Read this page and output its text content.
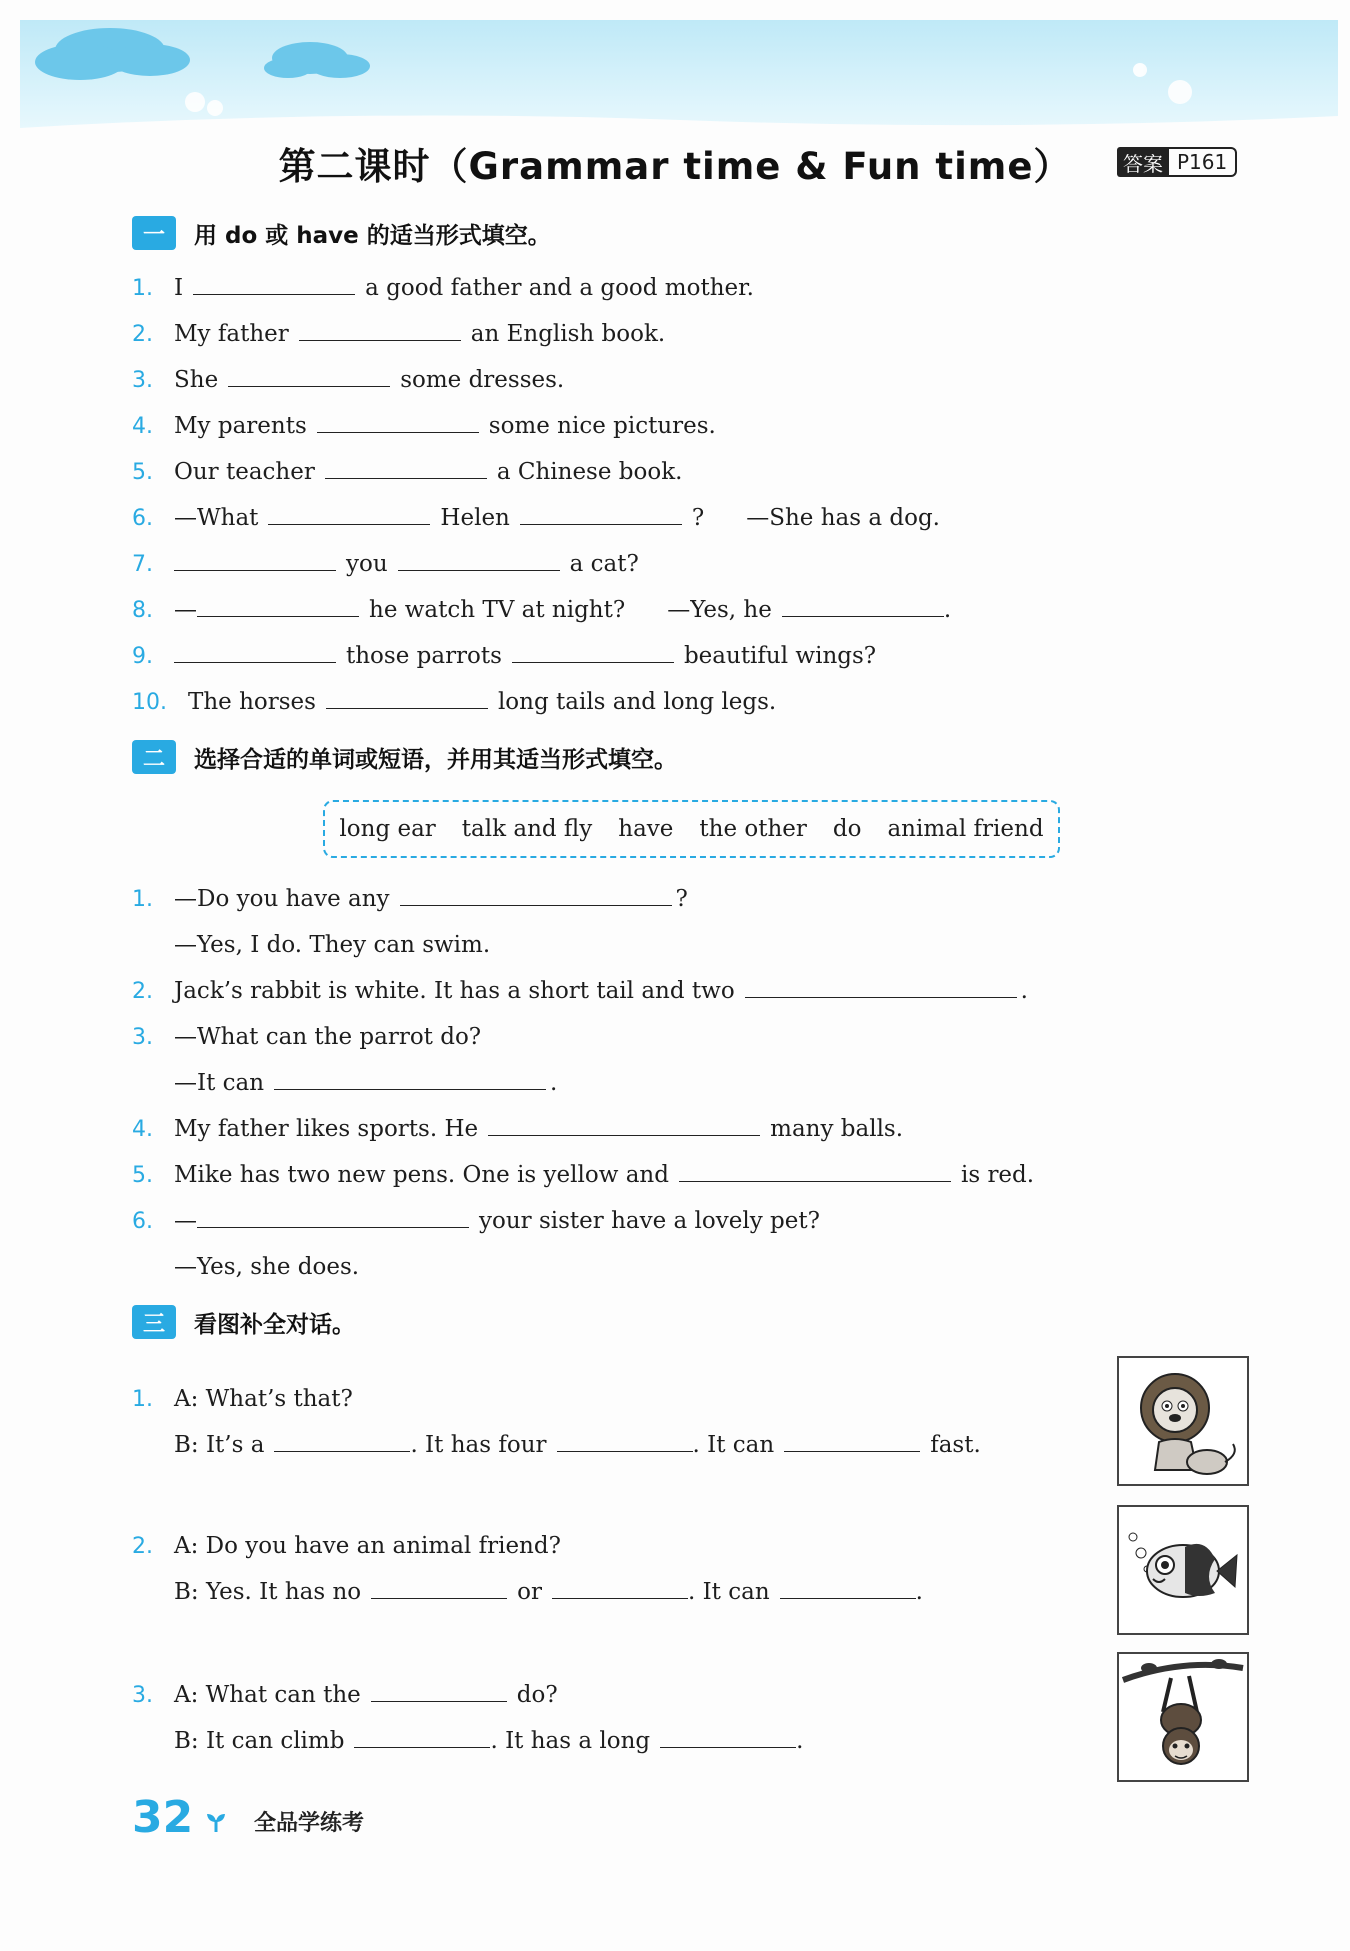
第二课时（Grammar time & Fun time）	答案 P161
一	用 do 或 have 的适当形式填空。
1. I	a good father and a good mother.
2. My father	an English book.
3. She	some dresses.
4. My parents	some nice pictures.
5. Our teacher	a Chinese book.
6. —What	Helen	? —She has a dog.
7.	you	a cat?
8. —	he watch TV at night? —Yes, he	.
9.	those parrots	beautiful wings?
10. The horses	long tails and long legs.
二	选择合适的单词或短语，并用其适当形式填空。
long ear talk and fly have the other do animal friend
1. —Do you have any	?
—Yes, I do. They can swim.
2. Jack’s rabbit is white. It has a short tail and two	.
3. —What can the parrot do?
—It can	.
4. My father likes sports. He	many balls.
5. Mike has two new pens. One is yellow and	is red.
6. —	your sister have a lovely pet?
—Yes, she does.
三	看图补全对话。
1. A: What’s that?
B: It’s a	. It has four	. It can	fast.
2. A: Do you have an animal friend?
B: Yes. It has no	or	. It can	.
3. A: What can the	do?
B: It can climb	. It has a long	.
32	全品学练考
